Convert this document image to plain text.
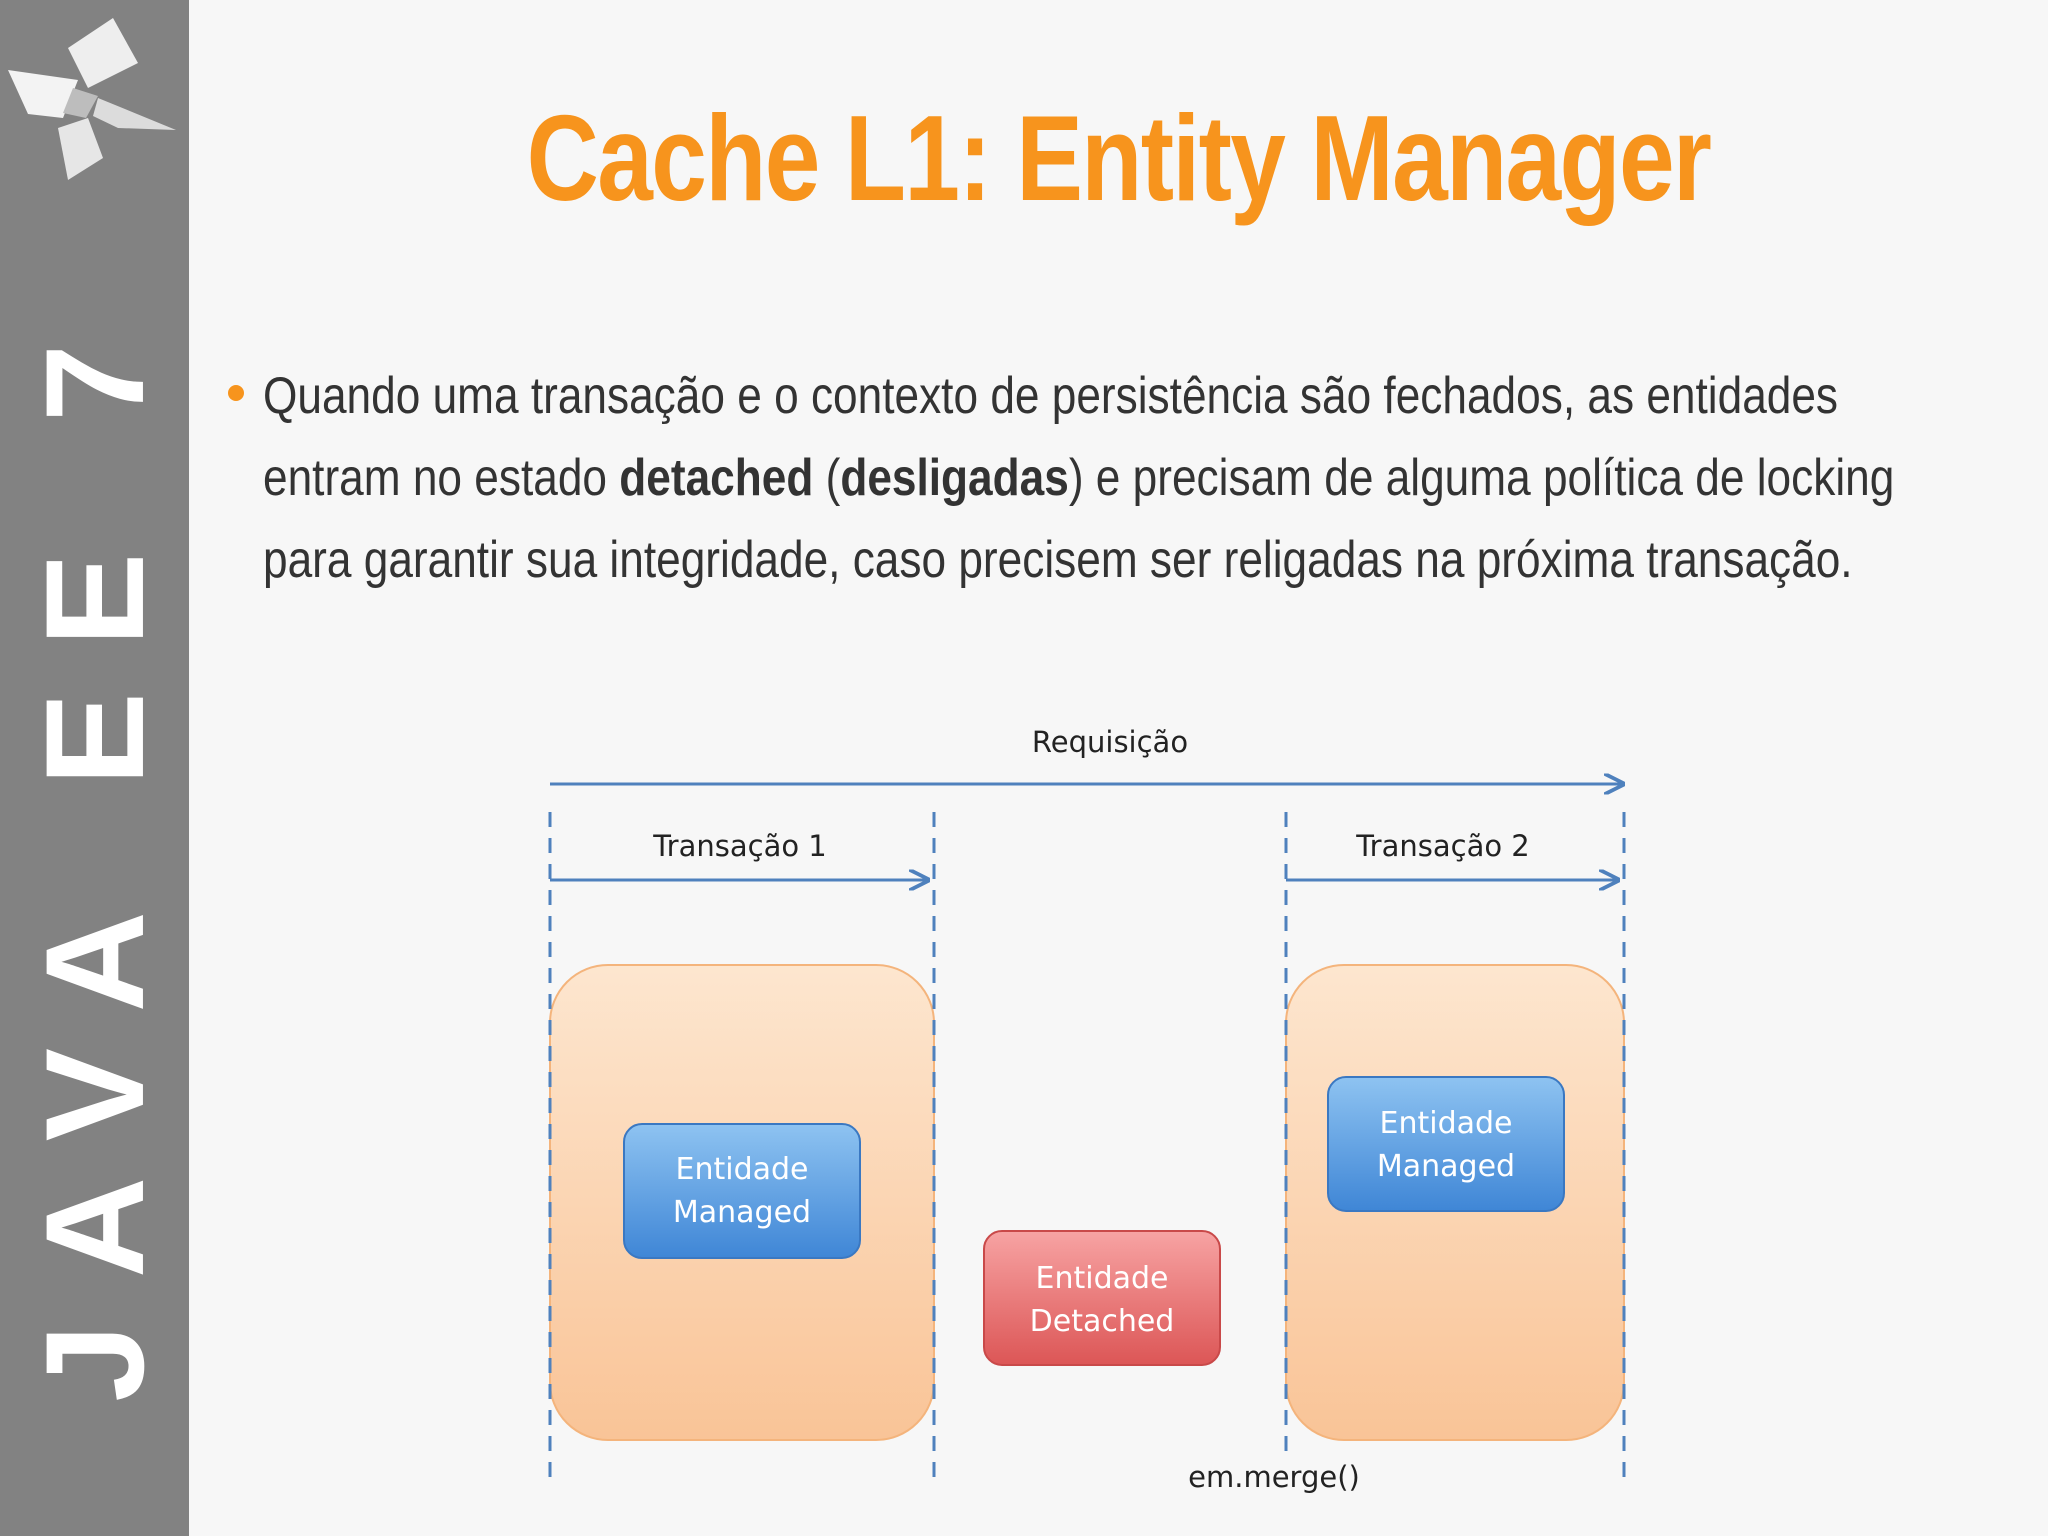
JAVA EE 7
Cache L1: Entity Manager
Quando uma transação e o contexto de persistência são fechados, as entidades entram no estado detached (desligadas) e precisam de alguma política de locking para garantir sua integridade, caso precisem ser religadas na próxima transação.
Requisição
Transação 1	Transação 2
Entidade
Managed
Entidade
Detached
Entidade
Managed
em.merge()
